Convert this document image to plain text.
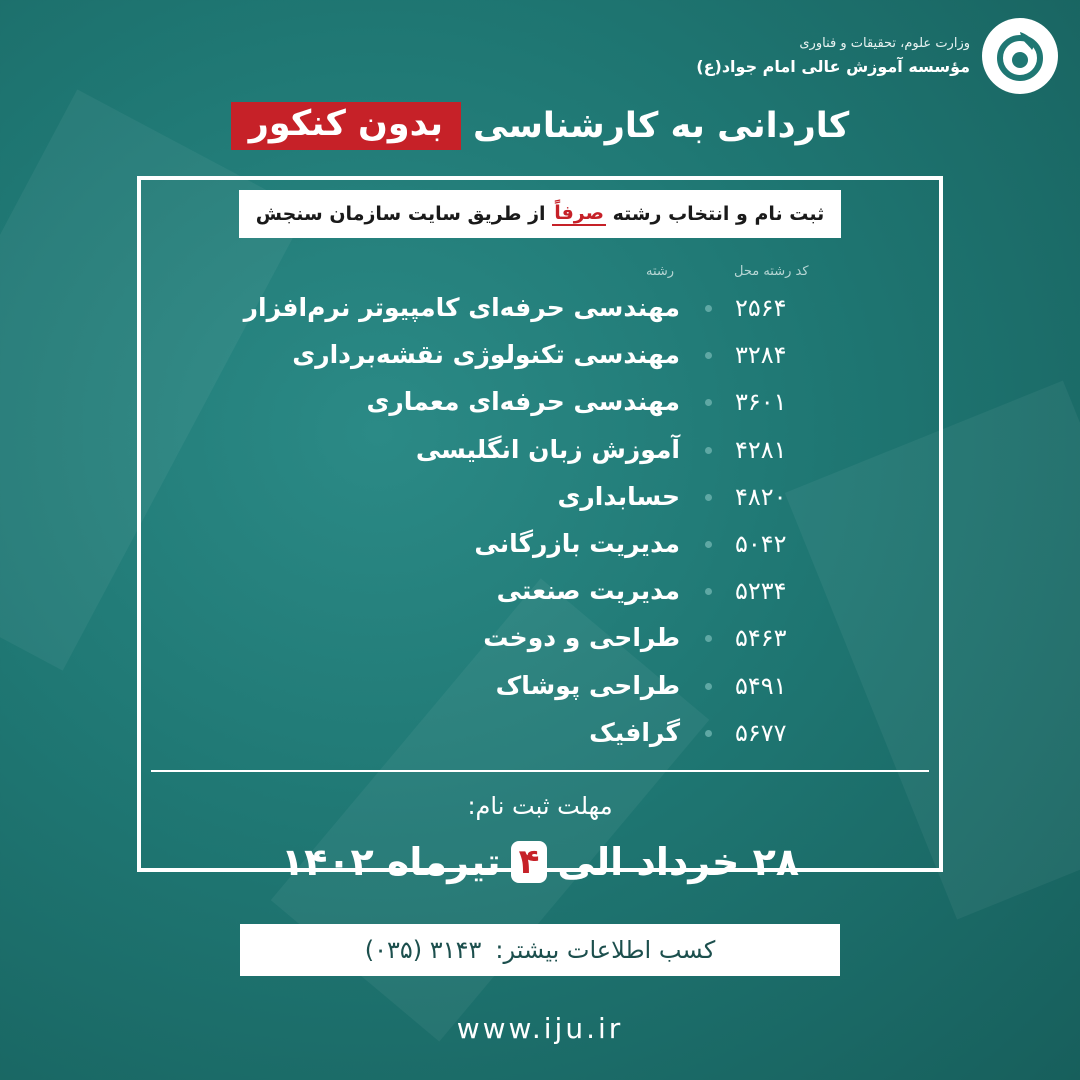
وزارت علوم، تحقیقات و فناوری
مؤسسه آموزش عالی امام جواد(ع)
کاردانی به کارشناسی
بدون کنکور
ثبت نام و انتخاب رشته

صرفاً

از طریق سایت سازمان سنجش
کد رشته محل
رشته
مهندسی حرفه‌ای کامپیوتر نرم‌افزار ۲۵۶۴
مهندسی تکنولوژی نقشه‌برداری ۳۲۸۴
مهندسی حرفه‌ای معماری ۳۶۰۱
آموزش زبان انگلیسی ۴۲۸۱
حسابداری ۴۸۲۰
مدیریت بازرگانی ۵۰۴۲
مدیریت صنعتی ۵۲۳۴
طراحی و دوخت ۵۴۶۳
طراحی پوشاک ۵۴۹۱
گرافیک ۵۶۷۷
مهلت ثبت نام:
۲۸ خرداد الی
۴
تیرماه ۱۴۰۲
کسب اطلاعات بیشتر:
(۰۳۵) ۳۱۴۳
www.iju.ir
